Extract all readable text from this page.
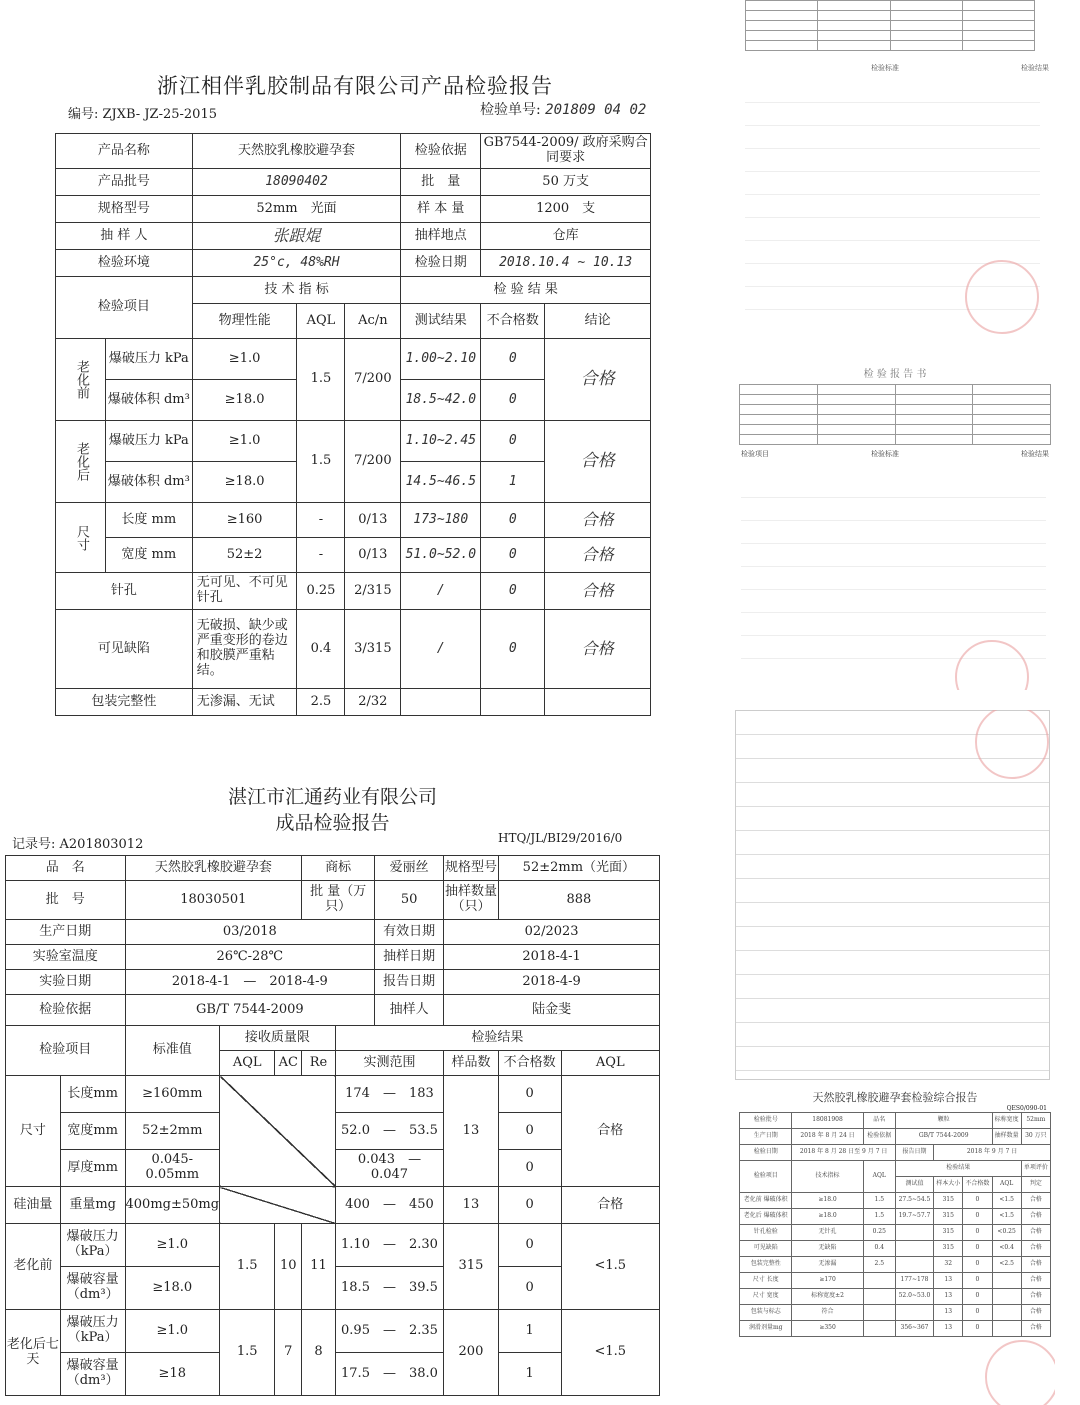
浙江相伴乳胶制品有限公司产品检验报告
编号: ZJXB- JZ-25-2015	检验单号: 201809 04 02
产品名称		天然胶乳橡胶避孕套			检验依据	GB7544-2009/ 政府采购合同要求	
产品批号		18090402			批　量	50 万支	
规格型号		52mm　光面			样 本 量	1200　支	
抽 样 人		张跟焜			抽样地点	仓库	
检验环境		25°c, 48%RH			检验日期	2018.10.4 ~ 10.13	
检验项目		技 术 指 标			检 验 结 果		
		物理性能	AQL	Ac/n	测试结果	不合格数	结论
老化前	爆破压力 kPa	≥1.0	1.5	7/200	1.00~2.10	0	合格
	爆破体积 dm³	≥18.0			18.5~42.0	0	
老化后	爆破压力 kPa	≥1.0	1.5	7/200	1.10~2.45	0	合格
	爆破体积 dm³	≥18.0			14.5~46.5	1	
尺寸	长度 mm	≥160	-	0/13	173~180	0	合格
	宽度 mm	52±2	-	0/13	51.0~52.0	0	合格
针孔		无可见、不可见针孔	0.25	2/315	/	0	合格
可见缺陷		无破损、缺少或严重变形的卷边和胶膜严重粘结。	0.4	3/315	/	0	合格
包装完整性		无渗漏、无试	2.5	2/32			
湛江市汇通药业有限公司
成品检验报告
记录号: A201803012	HTQ/JL/BI29/2016/0
品　名		天然胶乳橡胶避孕套			商标		爱丽丝	规格型号	52±2mm（光面）	
批　号		18030501			批 量（万只）		50	抽样数量（只）	888	
生产日期		03/2018					有效日期	02/2023		
实验室温度		26℃-28℃					抽样日期	2018-4-1		
实验日期		2018-4-1　 —　 2018-4-9					报告日期	2018-4-9		
检验依据		GB/T 7544-2009					抽样人	陆金斐		
检验项目		标准值	接收质量限			检验结果				
			AQL	AC	Re	实测范围		样品数	不合格数	AQL
尺寸	长度mm	≥160mm				174　—　183		13	0	合格
	宽度mm	52±2mm				52.0　—　53.5			0	
	厚度mm	0.045-0.05mm				0.043　—　0.047			0	
硅油量	重量mg	400mg±50mg				400　—　450		13	0	合格
老化前	爆破压力（kPa）	≥1.0	1.5	10	11	1.10　—　2.30		315	0	<1.5
	爆破容量（dm³）	≥18.0				18.5　—　39.5			0	
老化后七天	爆破压力（kPa）	≥1.0	1.5	7	8	0.95　—　2.35		200	1	<1.5
	爆破容量（dm³）	≥18				17.5　—　38.0			1	

检验标准	检验结果
检 验 报 告 书

检验项目	检验标准	检验结果
天然胶乳橡胶避孕套检验综合报告
QES0/090-01
检验批号	18081908	品名	颗粒			标称宽度	52mm
生产日期	2018 年 8 月 24 日	检验依据	GB/T 7544-2009			抽样数量	30 万只
检验日期	2018 年 8 月 28 日至 9 月 7 日		报告日期	2018 年 9 月 7 日			
检验项目	技术指标	AQL	检验结果				单项评价
			测试值	样本大小	不合格数	AQL	判定
老化前 爆破体积	≥18.0	1.5	27.5~54.5	315	0	<1.5	合格
老化后 爆破体积	≥18.0	1.5	19.7~57.7	315	0	<1.5	合格
针孔检验	无针孔	0.25		315	0	<0.25	合格
可见缺陷	无缺陷	0.4		315	0	<0.4	合格
包装完整性	无渗漏	2.5		32	0	<2.5	合格
尺寸 长度	≥170		177~178	13	0		合格
尺寸 宽度	标称宽度±2		52.0~53.0	13	0		合格
包装与标志	符合			13	0		合格
润滑剂量mg	≥350		356~367	13	0		合格
